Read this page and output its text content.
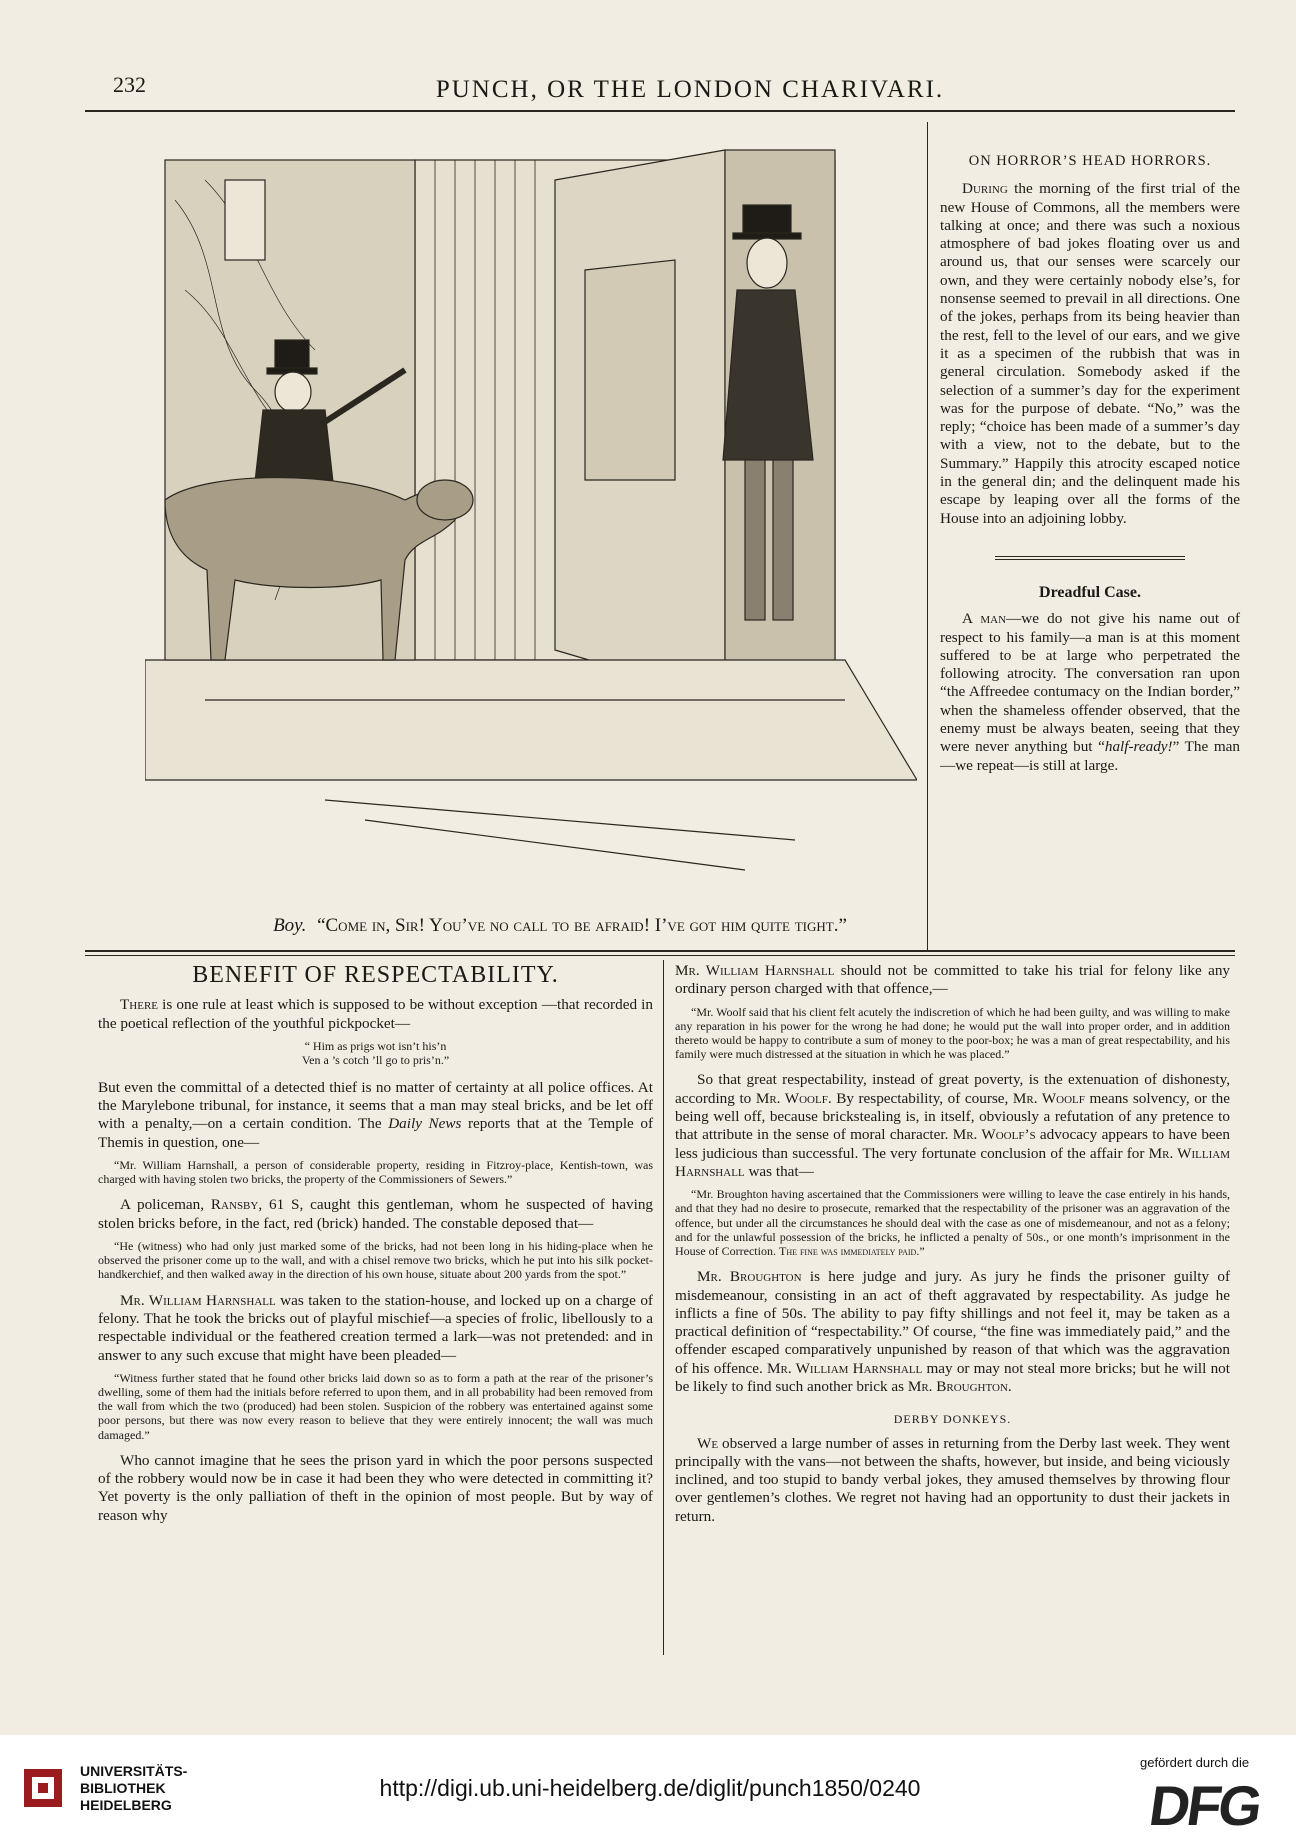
232	PUNCH, OR THE LONDON CHARIVARI.
Boy. “Come in, Sir! You’ve no call to be afraid! I’ve got him quite tight.”
ON HORROR’S HEAD HORRORS.

During the morning of the first trial of the new House of Commons, all the members were talking at once; and there was such a noxious atmosphere of bad jokes floating over us and around us, that our senses were scarcely our own, and they were certainly nobody else’s, for nonsense seemed to prevail in all directions. One of the jokes, perhaps from its being heavier than the rest, fell to the level of our ears, and we give it as a specimen of the rubbish that was in general circulation. Somebody asked if the selection of a summer’s day for the experiment was for the purpose of debate. “No,” was the reply; “choice has been made of a summer’s day with a view, not to the debate, but to the Summary.” Happily this atrocity escaped notice in the general din; and the delinquent made his escape by leaping over all the forms of the House into an adjoining lobby.

Dreadful Case.

A man—we do not give his name out of respect to his family—a man is at this moment suffered to be at large who perpetrated the following atrocity. The conversation ran upon “the Affreedee contumacy on the Indian border,” when the shameless offender observed, that the enemy must be always beaten, seeing that they were never anything but “half-ready!” The man—we repeat—is still at large.

BENEFIT OF RESPECTABILITY.

There is one rule at least which is supposed to be without exception —that recorded in the poetical reflection of the youthful pickpocket—

“ Him as prigs wot isn’t his’n
Ven a ’s cotch ’ll go to pris’n.”

But even the committal of a detected thief is no matter of certainty at all police offices. At the Marylebone tribunal, for instance, it seems that a man may steal bricks, and be let off with a penalty,—on a certain condition. The Daily News reports that at the Temple of Themis in question, one—

“Mr. William Harnshall, a person of considerable property, residing in Fitzroy-place, Kentish-town, was charged with having stolen two bricks, the property of the Commissioners of Sewers.”

A policeman, Ransby, 61 S, caught this gentleman, whom he suspected of having stolen bricks before, in the fact, red (brick) handed. The constable deposed that—

“He (witness) who had only just marked some of the bricks, had not been long in his hiding-place when he observed the prisoner come up to the wall, and with a chisel remove two bricks, which he put into his silk pocket-handkerchief, and then walked away in the direction of his own house, situate about 200 yards from the spot.”

Mr. William Harnshall was taken to the station-house, and locked up on a charge of felony. That he took the bricks out of playful mischief—a species of frolic, libellously to a respectable individual or the feathered creation termed a lark—was not pretended: and in answer to any such excuse that might have been pleaded—

“Witness further stated that he found other bricks laid down so as to form a path at the rear of the prisoner’s dwelling, some of them had the initials before referred to upon them, and in all probability had been removed from the wall from which the two (produced) had been stolen. Suspicion of the robbery was entertained against some poor persons, but there was now every reason to believe that they were entirely innocent; the wall was much damaged.”

Who cannot imagine that he sees the prison yard in which the poor persons suspected of the robbery would now be in case it had been they who were detected in committing it? Yet poverty is the only palliation of theft in the opinion of most people. But by way of reason why

Mr. William Harnshall should not be committed to take his trial for felony like any ordinary person charged with that offence,—

“Mr. Woolf said that his client felt acutely the indiscretion of which he had been guilty, and was willing to make any reparation in his power for the wrong he had done; he would put the wall into proper order, and in addition thereto would be happy to contribute a sum of money to the poor-box; he was a man of great respectability, and his family were much distressed at the situation in which he was placed.”

So that great respectability, instead of great poverty, is the extenuation of dishonesty, according to Mr. Woolf. By respectability, of course, Mr. Woolf means solvency, or the being well off, because brickstealing is, in itself, obviously a refutation of any pretence to that attribute in the sense of moral character. Mr. Woolf’s advocacy appears to have been less judicious than successful. The very fortunate conclusion of the affair for Mr. William Harnshall was that—

“Mr. Broughton having ascertained that the Commissioners were willing to leave the case entirely in his hands, and that they had no desire to prosecute, remarked that the respectability of the prisoner was an aggravation of the offence, but under all the circumstances he should deal with the case as one of misdemeanour, and not as a felony; and for the unlawful possession of the bricks, he inflicted a penalty of 50s., or one month’s imprisonment in the House of Correction. The fine was immediately paid.”

Mr. Broughton is here judge and jury. As jury he finds the prisoner guilty of misdemeanour, consisting in an act of theft aggravated by respectability. As judge he inflicts a fine of 50s. The ability to pay fifty shillings and not feel it, may be taken as a practical definition of “respectability.” Of course, “the fine was immediately paid,” and the offender escaped comparatively unpunished by reason of that which was the aggravation of his offence. Mr. William Harnshall may or may not steal more bricks; but he will not be likely to find such another brick as Mr. Broughton.

DERBY DONKEYS.

We observed a large number of asses in returning from the Derby last week. They went principally with the vans—not between the shafts, however, but inside, and being viciously inclined, and too stupid to bandy verbal jokes, they amused themselves by throwing flour over gentlemen’s clothes. We regret not having had an opportunity to dust their jackets in return.

UNIVERSITÄTS-
BIBLIOTHEK
HEIDELBERG
http://digi.ub.uni-heidelberg.de/diglit/punch1850/0240
gefördert durch die
DFG
